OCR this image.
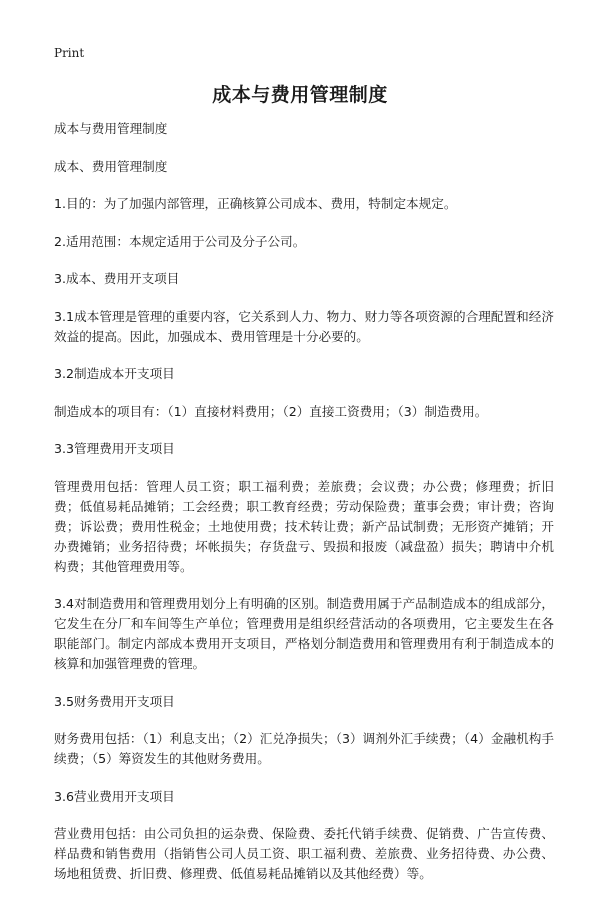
Print
成本与费用管理制度

成本与费用管理制度

成本、费用管理制度

1.目的：为了加强内部管理，正确核算公司成本、费用，特制定本规定。

2.适用范围：本规定适用于公司及分子公司。

3.成本、费用开支项目

3.1成本管理是管理的重要内容，它关系到人力、物力、财力等各项资源的合理配置和经济效益的提高。因此，加强成本、费用管理是十分必要的。

3.2制造成本开支项目

制造成本的项目有：（1）直接材料费用；（2）直接工资费用；（3）制造费用。

3.3管理费用开支项目

管理费用包括：管理人员工资；职工福利费；差旅费；会议费；办公费；修理费；折旧费；低值易耗品摊销；工会经费；职工教育经费；劳动保险费；董事会费；审计费；咨询费；诉讼费；费用性税金；土地使用费；技术转让费；新产品试制费；无形资产摊销；开办费摊销；业务招待费；坏帐损失；存货盘亏、毁损和报废（减盘盈）损失；聘请中介机构费；其他管理费用等。

3.4对制造费用和管理费用划分上有明确的区别。制造费用属于产品制造成本的组成部分，它发生在分厂和车间等生产单位；管理费用是组织经营活动的各项费用，它主要发生在各职能部门。制定内部成本费用开支项目，严格划分制造费用和管理费用有利于制造成本的核算和加强管理费的管理。

3.5财务费用开支项目

财务费用包括：（1）利息支出；（2）汇兑净损失；（3）调剂外汇手续费；（4）金融机构手续费；（5）筹资发生的其他财务费用。

3.6营业费用开支项目

营业费用包括：由公司负担的运杂费、保险费、委托代销手续费、促销费、广告宣传费、样品费和销售费用（指销售公司人员工资、职工福利费、差旅费、业务招待费、办公费、场地租赁费、折旧费、修理费、低值易耗品摊销以及其他经费）等。
